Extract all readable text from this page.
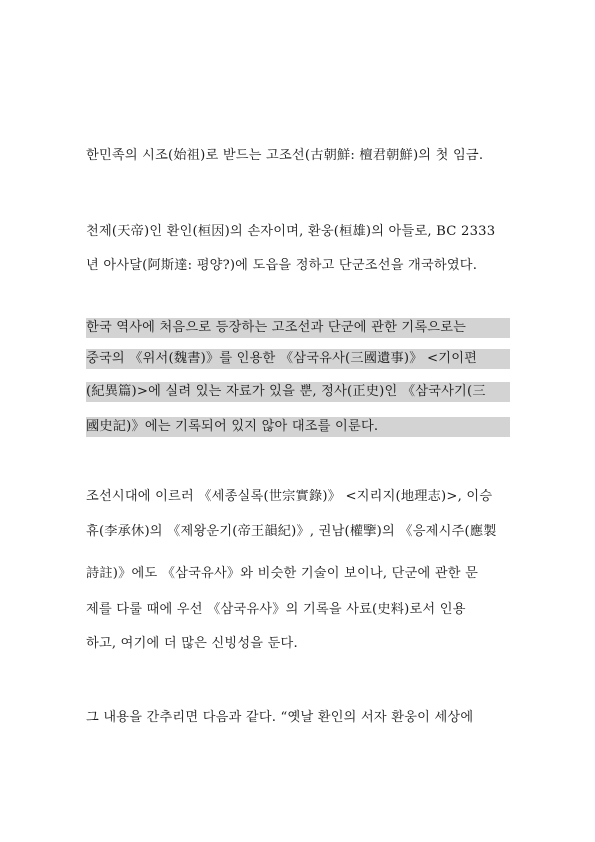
한민족의 시조(始祖)로 받드는 고조선(古朝鮮: 檀君朝鮮)의 첫 임금.
천제(天帝)인 환인(桓因)의 손자이며, 환웅(桓雄)의 아들로, BC 2333
년 아사달(阿斯達: 평양?)에 도읍을 정하고 단군조선을 개국하였다.
한국 역사에 처음으로 등장하는 고조선과 단군에 관한 기록으로는
중국의 《위서(魏書)》를 인용한 《삼국유사(三國遺事)》 <기이편
(紀異篇)>에 실려 있는 자료가 있을 뿐, 정사(正史)인 《삼국사기(三
國史記)》에는 기록되어 있지 않아 대조를 이룬다.
조선시대에 이르러 《세종실록(世宗實錄)》 <지리지(地理志)>, 이승
휴(李承休)의 《제왕운기(帝王韻紀)》, 권남(權擥)의 《응제시주(應製
詩註)》에도 《삼국유사》와 비슷한 기술이 보이나, 단군에 관한 문
제를 다룰 때에 우선 《삼국유사》의 기록을 사료(史料)로서 인용
하고, 여기에 더 많은 신빙성을 둔다.
그 내용을 간추리면 다음과 같다. “옛날 환인의 서자 환웅이 세상에
